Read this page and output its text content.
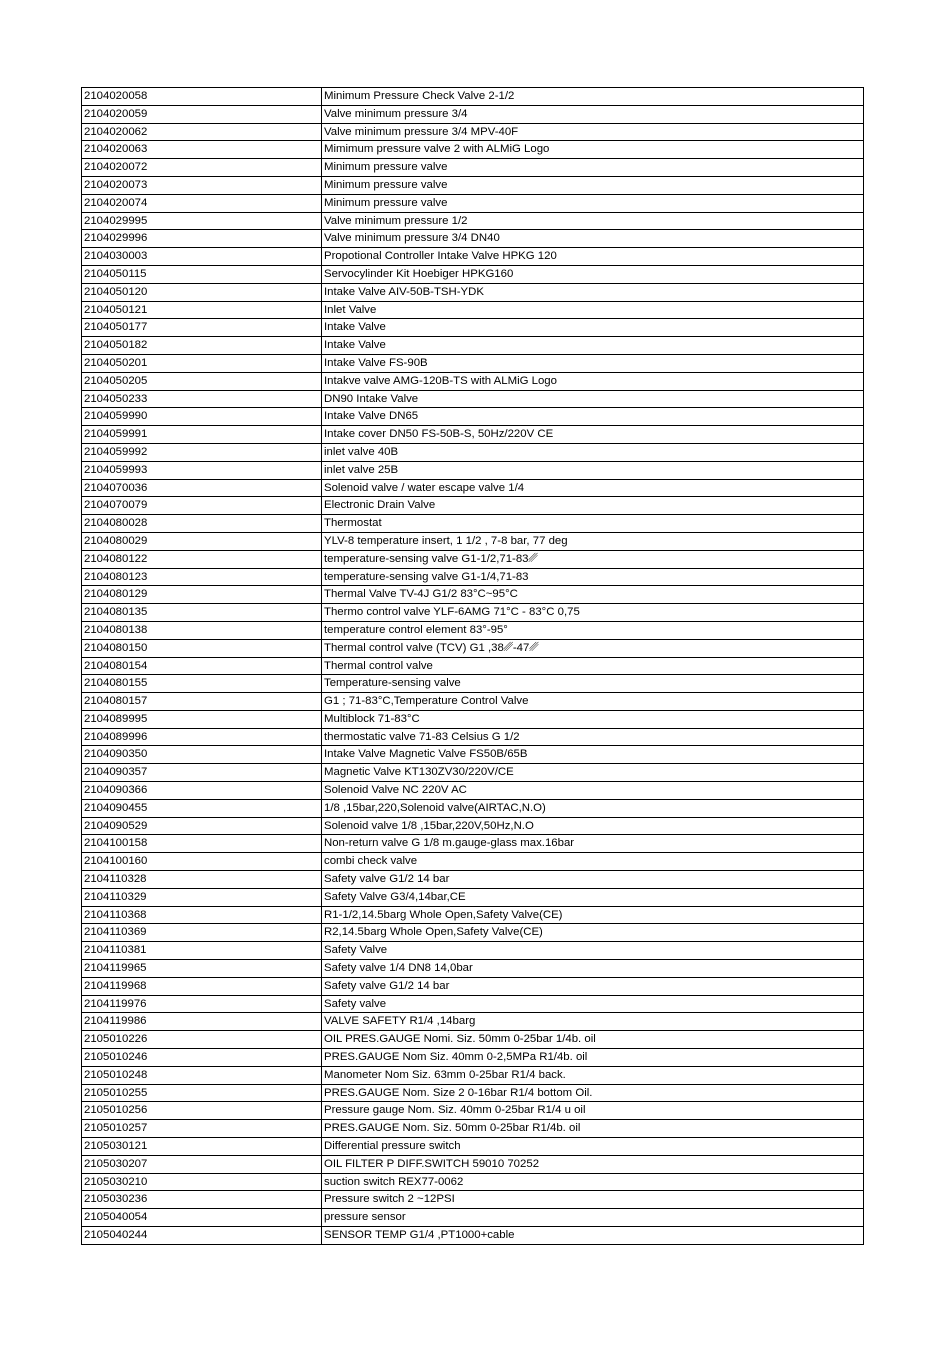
2104020058	Minimum Pressure Check Valve 2-1/2
2104020059	Valve minimum pressure 3/4
2104020062	Valve minimum pressure 3/4 MPV-40F
2104020063	Mimimum pressure valve 2 with ALMiG Logo
2104020072	Minimum pressure valve
2104020073	Minimum pressure valve
2104020074	Minimum pressure valve
2104029995	Valve minimum pressure 1/2
2104029996	Valve minimum pressure 3/4 DN40
2104030003	Propotional Controller Intake Valve HPKG 120
2104050115	Servocylinder Kit Hoebiger HPKG160
2104050120	Intake Valve AIV-50B-TSH-YDK
2104050121	Inlet Valve
2104050177	Intake Valve
2104050182	Intake Valve
2104050201	Intake Valve FS-90B
2104050205	Intakve valve AMG-120B-TS with ALMiG Logo
2104050233	DN90 Intake Valve
2104059990	Intake Valve DN65
2104059991	Intake cover DN50 FS-50B-S, 50Hz/220V CE
2104059992	inlet valve 40B
2104059993	inlet valve 25B
2104070036	Solenoid valve / water escape valve 1/4
2104070079	Electronic Drain Valve
2104080028	Thermostat
2104080029	YLV-8 temperature insert, 1 1/2 , 7-8 bar, 77 deg
2104080122	temperature-sensing valve G1-1/2,71-83␥
2104080123	temperature-sensing valve G1-1/4,71-83
2104080129	Thermal Valve TV-4J G1/2 83°C~95°C
2104080135	Thermo control valve YLF-6AMG 71°C - 83°C 0,75
2104080138	temperature control element 83°-95°
2104080150	Thermal control valve (TCV) G1 ,38␥-47␥
2104080154	Thermal control valve
2104080155	Temperature-sensing valve
2104080157	G1 ; 71-83°C,Temperature Control Valve
2104089995	Multiblock 71-83°C
2104089996	thermostatic valve 71-83 Celsius G 1/2
2104090350	Intake Valve Magnetic Valve FS50B/65B
2104090357	Magnetic Valve KT130ZV30/220V/CE
2104090366	Solenoid Valve NC 220V AC
2104090455	1/8 ,15bar,220,Solenoid valve(AIRTAC,N.O)
2104090529	Solenoid valve 1/8 ,15bar,220V,50Hz,N.O
2104100158	Non-return valve G 1/8 m.gauge-glass max.16bar
2104100160	combi check valve
2104110328	Safety valve G1/2 14 bar
2104110329	Safety Valve G3/4,14bar,CE
2104110368	R1-1/2,14.5barg Whole Open,Safety Valve(CE)
2104110369	R2,14.5barg Whole Open,Safety Valve(CE)
2104110381	Safety Valve
2104119965	Safety valve 1/4 DN8 14,0bar
2104119968	Safety valve G1/2 14 bar
2104119976	Safety valve
2104119986	VALVE SAFETY R1/4 ,14barg
2105010226	OIL PRES.GAUGE Nomi. Siz. 50mm 0-25bar 1/4b. oil
2105010246	PRES.GAUGE Nom Siz. 40mm 0-2,5MPa R1/4b. oil
2105010248	Manometer Nom Siz. 63mm 0-25bar R1/4 back.
2105010255	PRES.GAUGE Nom. Size 2 0-16bar R1/4 bottom Oil.
2105010256	Pressure gauge Nom. Siz. 40mm 0-25bar R1/4 u oil
2105010257	PRES.GAUGE Nom. Siz. 50mm 0-25bar R1/4b. oil
2105030121	Differential pressure switch
2105030207	OIL FILTER P DIFF.SWITCH 59010 70252
2105030210	suction switch REX77-0062
2105030236	Pressure switch 2 ~12PSI
2105040054	pressure sensor
2105040244	SENSOR TEMP G1/4 ,PT1000+cable
